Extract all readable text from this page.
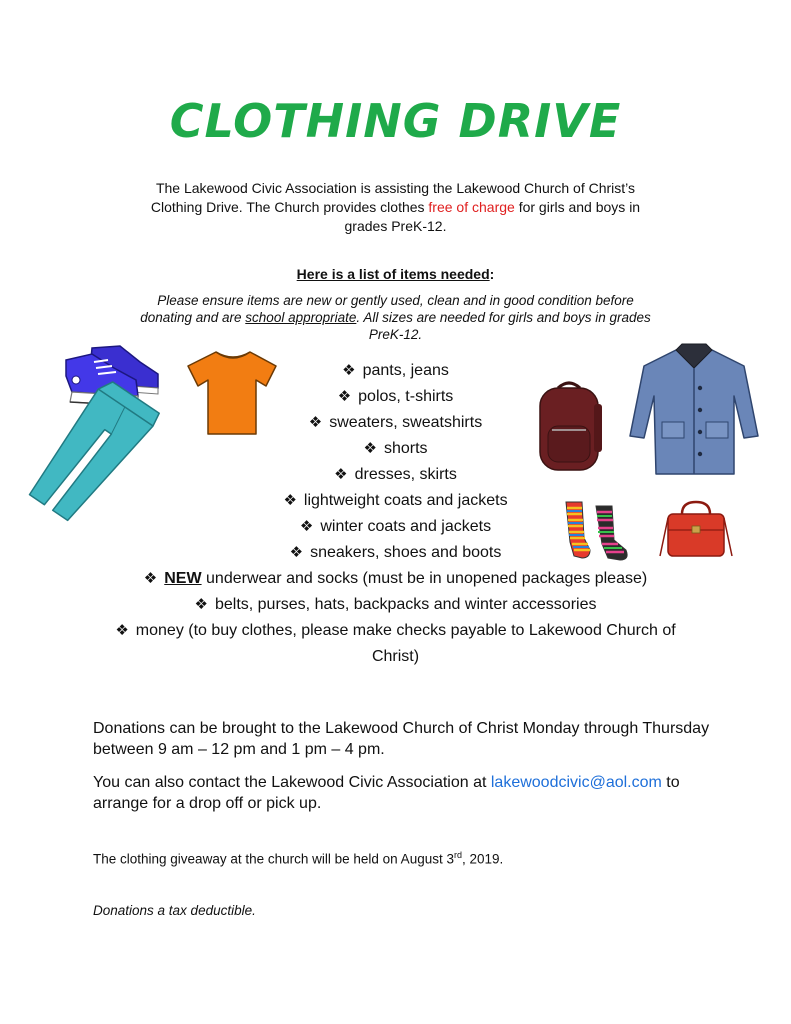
CLOTHING DRIVE
The Lakewood Civic Association is assisting the Lakewood Church of Christ’s Clothing Drive. The Church provides clothes free of charge for girls and boys in grades PreK-12.
Here is a list of items needed:
Please ensure items are new or gently used, clean and in good condition before donating and are school appropriate. All sizes are needed for girls and boys in grades PreK-12.
❖ pants, jeans
❖ polos, t-shirts
❖ sweaters, sweatshirts
❖ shorts
❖ dresses, skirts
❖ lightweight coats and jackets
❖ winter coats and jackets
❖ sneakers, shoes and boots
❖ NEW underwear and socks (must be in unopened packages please)
❖ belts, purses, hats, backpacks and winter accessories
❖ money (to buy clothes, please make checks payable to Lakewood Church of Christ)
Donations can be brought to the Lakewood Church of Christ Monday through Thursday between 9 am – 12 pm and 1 pm – 4 pm.
You can also contact the Lakewood Civic Association at lakewoodcivic@aol.com to arrange for a drop off or pick up.
The clothing giveaway at the church will be held on August 3rd, 2019.
Donations a tax deductible.
